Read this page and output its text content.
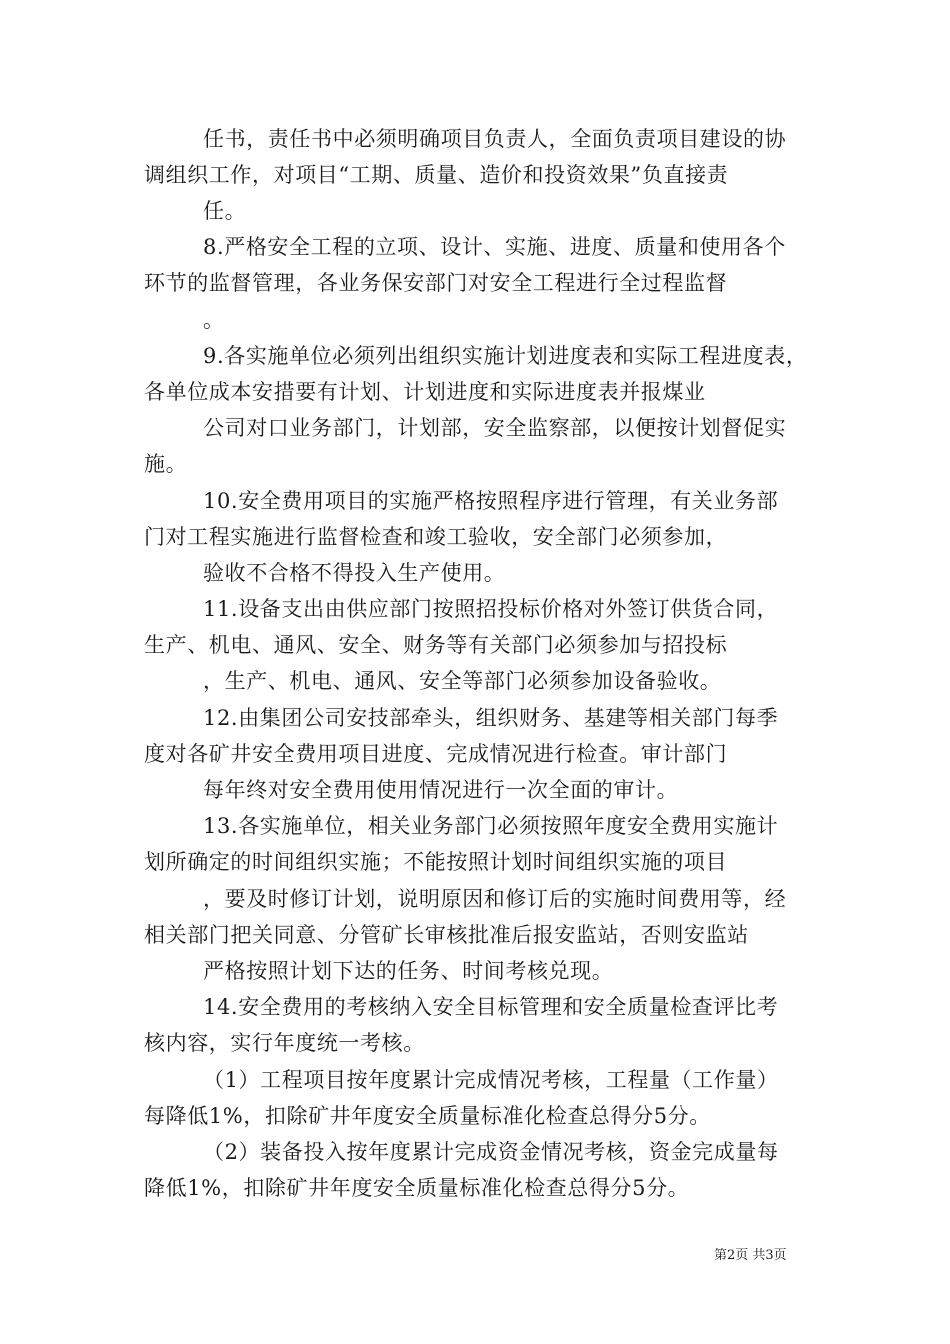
任书，责任书中必须明确项目负责人，全面负责项目建设的协
调组织工作，对项目“工期、质量、造价和投资效果”负直接责
任。
8.严格安全工程的立项、设计、实施、进度、质量和使用各个
环节的监督管理，各业务保安部门对安全工程进行全过程监督
。
9.各实施单位必须列出组织实施计划进度表和实际工程进度表，
各单位成本安措要有计划、计划进度和实际进度表并报煤业
公司对口业务部门，计划部，安全监察部，以便按计划督促实
施。
10.安全费用项目的实施严格按照程序进行管理，有关业务部
门对工程实施进行监督检查和竣工验收，安全部门必须参加，
验收不合格不得投入生产使用。
11.设备支出由供应部门按照招投标价格对外签订供货合同，
生产、机电、通风、安全、财务等有关部门必须参加与招投标
，生产、机电、通风、安全等部门必须参加设备验收。
12.由集团公司安技部牵头，组织财务、基建等相关部门每季
度对各矿井安全费用项目进度、完成情况进行检查。审计部门
每年终对安全费用使用情况进行一次全面的审计。
13.各实施单位，相关业务部门必须按照年度安全费用实施计
划所确定的时间组织实施；不能按照计划时间组织实施的项目
，要及时修订计划，说明原因和修订后的实施时间费用等，经
相关部门把关同意、分管矿长审核批准后报安监站，否则安监站
严格按照计划下达的任务、时间考核兑现。
14.安全费用的考核纳入安全目标管理和安全质量检查评比考
核内容，实行年度统一考核。
（1）工程项目按年度累计完成情况考核，工程量（工作量）
每降低1%，扣除矿井年度安全质量标准化检查总得分5分。
（2）装备投入按年度累计完成资金情况考核，资金完成量每
降低1%，扣除矿井年度安全质量标准化检查总得分5分。
第2页 共3页
